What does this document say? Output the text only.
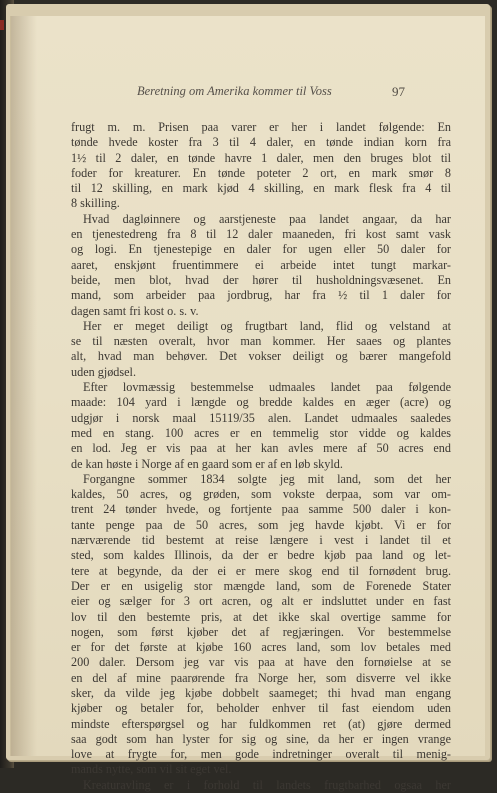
Beretning om Amerika kommer til Voss	97
frugt m. m. Prisen paa varer er her i landet følgende: En
tønde hvede koster fra 3 til 4 daler, en tønde indian korn fra
1½ til 2 daler, en tønde havre 1 daler, men den bruges blot til
foder for kreaturer. En tønde poteter 2 ort, en mark smør 8
til 12 skilling, en mark kjød 4 skilling, en mark flesk fra 4 til
8 skilling.
Hvad dagløinnere og aarstjeneste paa landet angaar, da har
en tjenestedreng fra 8 til 12 daler maaneden, fri kost samt vask
og logi. En tjenestepige en daler for ugen eller 50 daler for
aaret, enskjønt fruentimmere ei arbeide intet tungt markar-
beide, men blot, hvad der hører til husholdningsvæsenet. En
mand, som arbeider paa jordbrug, har fra ½ til 1 daler for
dagen samt fri kost o. s. v.
Her er meget deiligt og frugtbart land, flid og velstand at
se til næsten overalt, hvor man kommer. Her saaes og plantes
alt, hvad man behøver. Det vokser deiligt og bærer mangefold
uden gjødsel.
Efter lovmæssig bestemmelse udmaales landet paa følgende
maade: 104 yard i længde og bredde kaldes en æger (acre) og
udgjør i norsk maal 15119/35 alen. Landet udmaales saaledes
med en stang. 100 acres er en temmelig stor vidde og kaldes
en lod. Jeg er vis paa at her kan avles mere af 50 acres end
de kan høste i Norge af en gaard som er af en løb skyld.
Forgangne sommer 1834 solgte jeg mit land, som det her
kaldes, 50 acres, og grøden, som vokste derpaa, som var om-
trent 24 tønder hvede, og fortjente paa samme 500 daler i kon-
tante penge paa de 50 acres, som jeg havde kjøbt. Vi er for
nærværende tid bestemt at reise længere i vest i landet til et
sted, som kaldes Illinois, da der er bedre kjøb paa land og let-
tere at begynde, da der ei er mere skog end til fornødent brug.
Der er en usigelig stor mængde land, som de Forenede Stater
eier og sælger for 3 ort acren, og alt er indsluttet under en fast
lov til den bestemte pris, at det ikke skal overtige samme for
nogen, som først kjøber det af regjæringen. Vor bestemmelse
er for det første at kjøbe 160 acres land, som lov betales med
200 daler. Dersom jeg var vis paa at have den fornøielse at se
en del af mine paarørende fra Norge her, som disverre vel ikke
sker, da vilde jeg kjøbe dobbelt saameget; thi hvad man engang
kjøber og betaler for, beholder enhver til fast eiendom uden
mindste efterspørgsel og har fuldkommen ret (at) gjøre dermed
saa godt som han lyster for sig og sine, da her er ingen vrange
love at frygte for, men gode indretninger overalt til menig-
mands nytte, som vil sit eget vel.
Kreaturavling er i forhold til landets frugtbarhed ogsaa her
